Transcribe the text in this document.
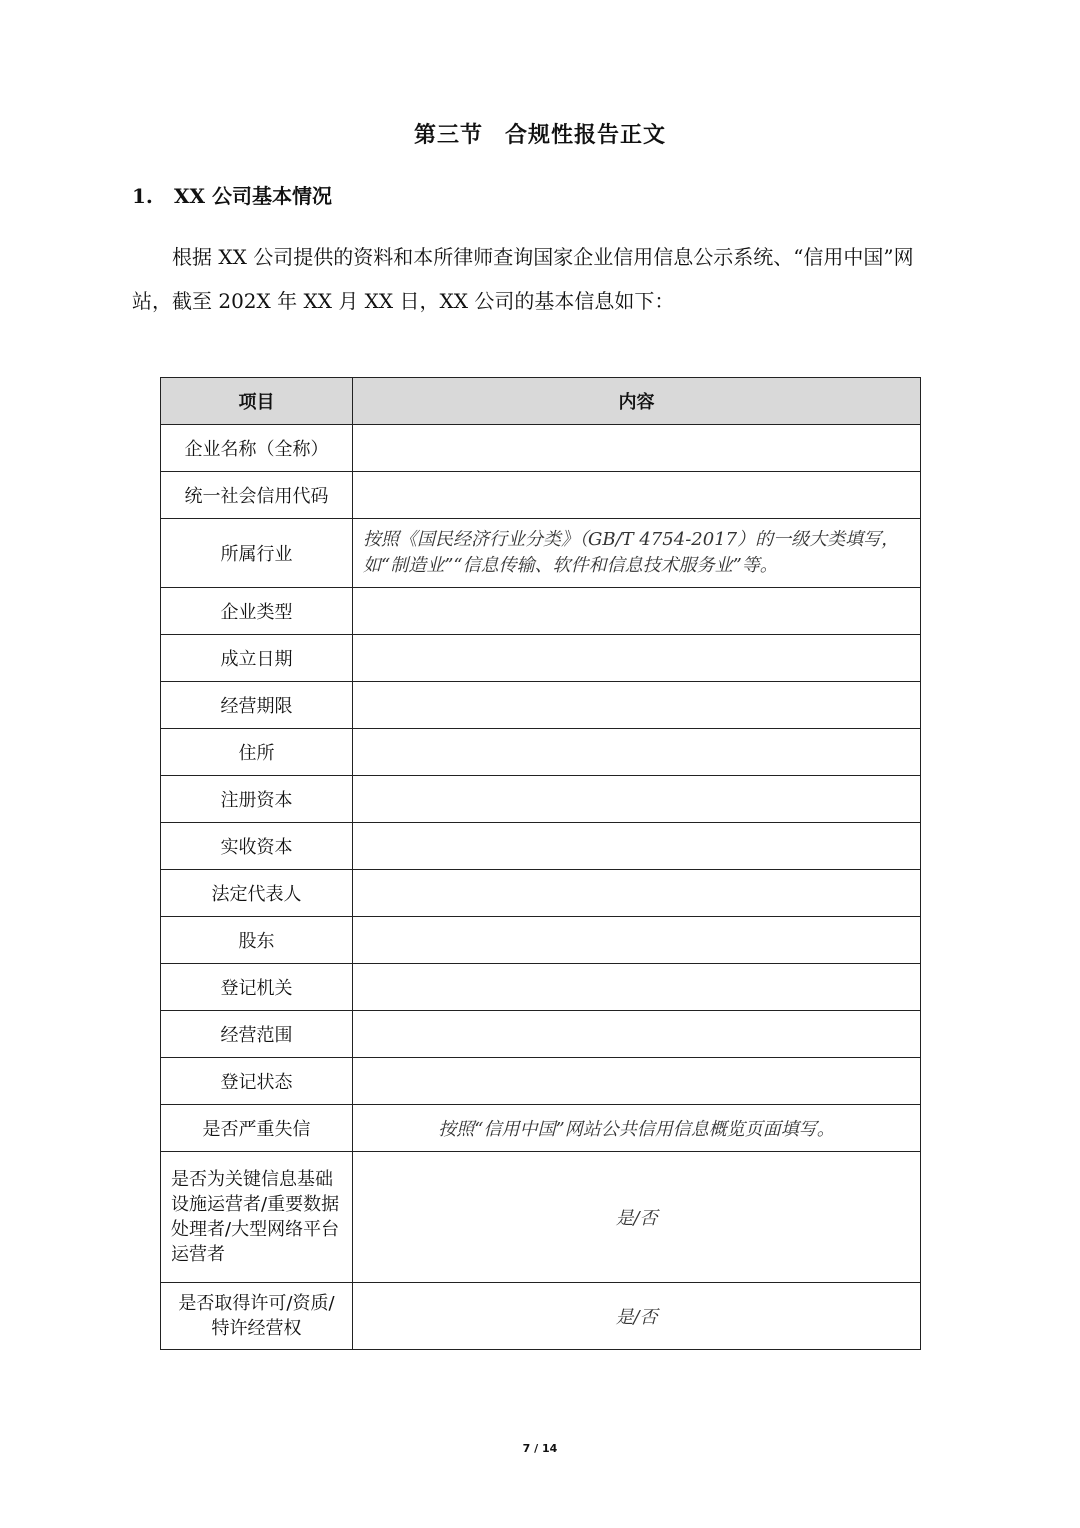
第三节 合规性报告正文
1. XX 公司基本情况
根据 XX 公司提供的资料和本所律师查询国家企业信用信息公示系统、“信用中国”网站，截至 202X 年 XX 月 XX 日，XX 公司的基本信息如下：
项目	内容
企业名称（全称）	
统一社会信用代码	
所属行业	按照《国民经济行业分类》（GB/T 4754-2017）的一级大类填写，如“制造业”“信息传输、软件和信息技术服务业”等。
企业类型	
成立日期	
经营期限	
住所	
注册资本	
实收资本	
法定代表人	
股东	
登记机关	
经营范围	
登记状态	
是否严重失信	按照“信用中国”网站公共信用信息概览页面填写。
是否为关键信息基础设施运营者/重要数据处理者/大型网络平台运营者	是/否
是否取得许可/资质/特许经营权	是/否
7 / 14
